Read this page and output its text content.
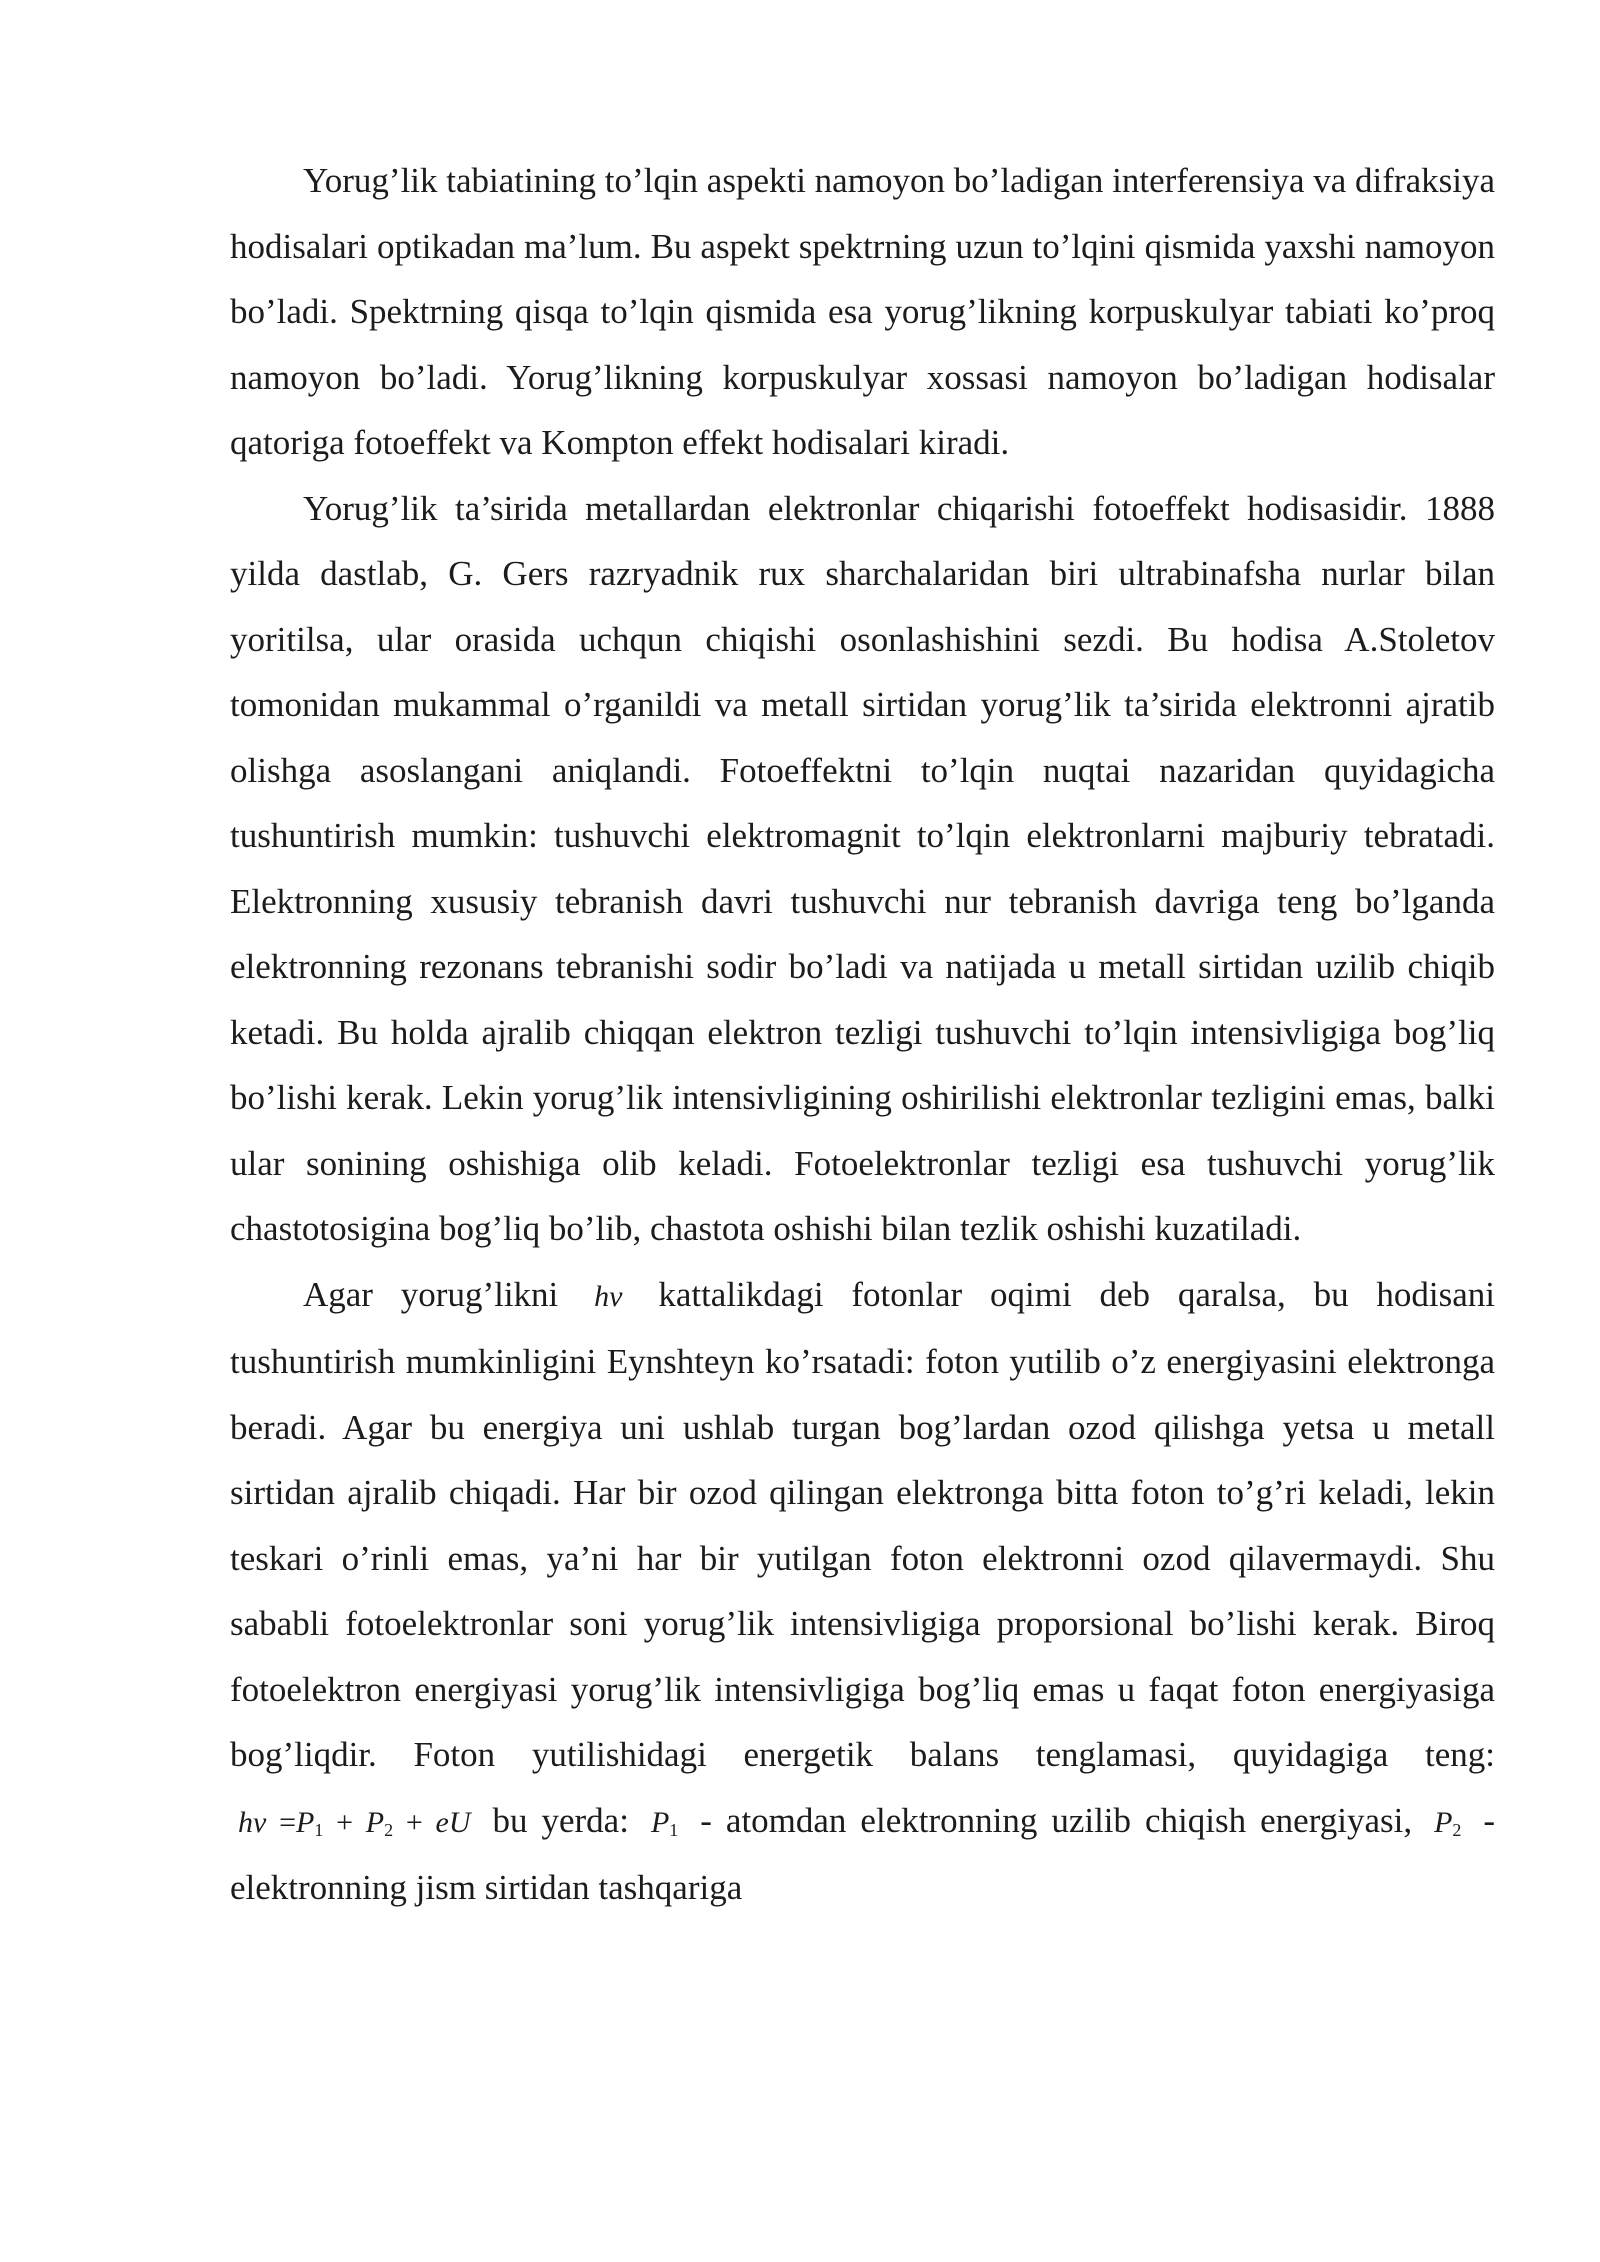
Yorug’lik tabiatining to’lqin aspekti namoyon bo’ladigan interferensiya va difraksiya hodisalari optikadan ma’lum. Bu aspekt spektrning uzun to’lqini qismida yaxshi namoyon bo’ladi. Spektrning qisqa to’lqin qismida esa yorug’likning korpuskulyar tabiati ko’proq namoyon bo’ladi. Yorug’likning korpuskulyar xossasi namoyon bo’ladigan hodisalar qatoriga fotoeffekt va Kompton effekt hodisalari kiradi.

Yorug’lik ta’sirida metallardan elektronlar chiqarishi fotoeffekt hodisasidir. 1888 yilda dastlab, G. Gers razryadnik rux sharchalaridan biri ultrabinafsha nurlar bilan yoritilsa, ular orasida uchqun chiqishi osonlashishini sezdi. Bu hodisa A.Stoletov tomonidan mukammal o’rganildi va metall sirtidan yorug’lik ta’sirida elektronni ajratib olishga asoslangani aniqlandi. Fotoeffektni to’lqin nuqtai nazaridan quyidagicha tushuntirish mumkin: tushuvchi elektromagnit to’lqin elektronlarni majburiy tebratadi. Elektronning xususiy tebranish davri tushuvchi nur tebranish davriga teng bo’lganda elektronning rezonans tebranishi sodir bo’ladi va natijada u metall sirtidan uzilib chiqib ketadi. Bu holda ajralib chiqqan elektron tezligi tushuvchi to’lqin intensivligiga bog’liq bo’lishi kerak. Lekin yorug’lik intensivligining oshirilishi elektronlar tezligini emas, balki ular sonining oshishiga olib keladi. Fotoelektronlar tezligi esa tushuvchi yorug’lik chastotosigina bog’liq bo’lib, chastota oshishi bilan tezlik oshishi kuzatiladi.

Agar yorug’likni hν kattalikdagi fotonlar oqimi deb qaralsa, bu hodisani tushuntirish mumkinligini Eynshteyn ko’rsatadi: foton yutilib o’z energiyasini elektronga beradi. Agar bu energiya uni ushlab turgan bog’lardan ozod qilishga yetsa u metall sirtidan ajralib chiqadi. Har bir ozod qilingan elektronga bitta foton to’g’ri keladi, lekin teskari o’rinli emas, ya’ni har bir yutilgan foton elektronni ozod qilavermaydi. Shu sababli fotoelektronlar soni yorug’lik intensivligiga proporsional bo’lishi kerak. Biroq fotoelektron energiyasi yorug’lik intensivligiga bog’liq emas u faqat foton energiyasiga bog’liqdir. Foton yutilishidagi energetik balans tenglamasi, quyidagiga teng: $h\nu =P_1 + P_2$ + eU bu yerda: $P_1$ - atomdan elektronning uzilib chiqish energiyasi, $P_2$ - elektronning jism sirtidan tashqariga
